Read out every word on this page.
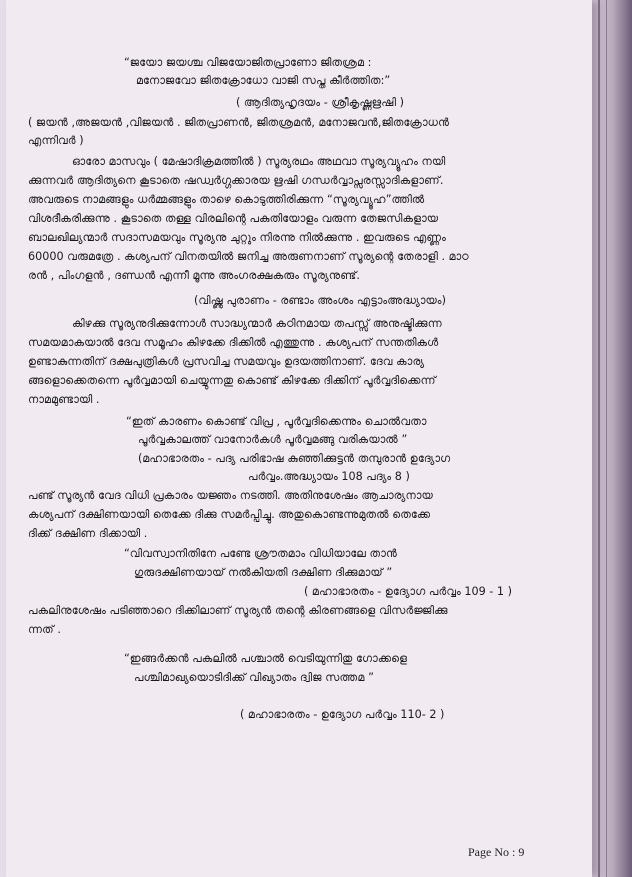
“ജയോ ജയശ്ച വിജയോജിതപ്രാണോ ജിതശ്രമ :
മനോജവോ ജിതക്രോധോ വാജി സപ്ത കീർത്തിത:”
( ആദിത്യഹൃദയം - ശ്രീകൃഷ്ണഋഷി )
( ജയൻ ,അജയൻ ,വിജയൻ . ജിതപ്രാണൻ, ജിതശ്രമൻ, മനോജവൻ,ജിതക്രോധൻ
എന്നിവർ )
ഓരോ മാസവും ( മേഷാദിക്രമത്തിൽ ) സൂര്യരഥം അഥവാ സൂര്യവ്യൂഹം നയി
ക്കുന്നവർ ആദിത്യനെ കൂടാതെ ഷഡ്വർഗ്ഗക്കാരയ ഋഷി ഗന്ധർവ്വാപ്സരസ്സാദികളാണ്.
അവരുടെ നാമങ്ങളും ധർമ്മങ്ങളും താഴെ കൊടുത്തിരിക്കുന്ന “സൂര്യവ്യൂഹ”ത്തിൽ
വിശദീകരിക്കുന്നു . കൂടാതെ തള്ള വിരലിന്റെ പകുതിയോളം വരുന്ന തേജസികളായ
ബാലഖില്യന്മാർ സദാസമയവും സൂര്യനു ചുറ്റും നിരന്നു നിൽക്കുന്നു . ഇവരുടെ എണ്ണം
60000 വരുമത്രേ . കശ്യപന് വിനതയിൽ ജനിച്ച അരുണനാണ് സൂര്യന്റെ തേരാളി . മാഠ
രൻ , പിംഗളൻ , ദണ്ഡൻ എന്നീ മൂന്നു അംഗരക്ഷകരും സൂര്യനുണ്ട്.
(വിഷ്ണു പുരാണം - രണ്ടാം അംശം എട്ടാംഅദ്ധ്യായം)
കിഴക്കു സൂര്യനുദിക്കുന്നോൾ സാദ്ധ്യന്മാർ കഠിനമായ തപസ്സ് അനുഷ്ടിക്കുന്ന
സമയമാകയാൽ ദേവ സമൂഹം കിഴക്കേ ദിക്കിൽ എത്തുന്നു . കശ്യപന് സന്തതികൾ
ഉണ്ടാകുന്നതിന് ദക്ഷപുത്രികൾ പ്രസവിച്ച സമയവും ഉദയത്തിനാണ്. ദേവ കാര്യ
ങ്ങളൊക്കെതന്നെ പൂർവ്വമായി ചെയ്യുന്നതു കൊണ്ട് കിഴക്കേ ദിക്കിന് പൂർവ്വദിക്കെന്ന്
നാമമുണ്ടായി .
“ഇത് കാരണം കൊണ്ട് വിപ്ര , പൂർവ്വദിക്കെന്നും ചൊൽവതാ
പൂർവ്വകാലത്ത് വാനോർകൾ പൂർവ്വമങ്ങു വരികയാൽ ”
(മഹാഭാരതം - പദ്യ പരിഭാഷ കുഞ്ഞിക്കുട്ടൻ തമ്പുരാൻ ഉദ്യോഗ
പർവ്വം.അദ്ധ്യായം 108 പദ്യം 8 )
പണ്ട് സൂര്യൻ വേദ വിധി പ്രകാരം യജ്ഞം നടത്തി. അതിനുശേഷം ആചാര്യനായ
കശ്യപന് ദക്ഷിണയായി തെക്കേ ദിക്കു സമർപ്പിച്ചു. അതുകൊണ്ടന്നുമുതൽ തെക്കേ
ദിക്ക് ദക്ഷിണ ദിക്കായി .
“വിവസ്വാനിതിനേ പണ്ടേ ശ്രൗതമാം വിധിയാലേ താൻ
ഗുരുദക്ഷിണയായ് നൽകിയതി ദക്ഷിണ ദിക്കുമായ് ”
( മഹാഭാരതം - ഉദ്യോഗ പർവ്വം 109 - 1 )
പകലിനുശേഷം പടിഞ്ഞാറെ ദിക്കിലാണ് സൂര്യൻ തന്റെ കിരണങ്ങളെ വിസർജ്ജിക്കു
ന്നത് .
“ഇങ്ങർക്കൻ പകലിൽ പശ്ചാൽ വെടിയുന്നിതു ഗോക്കളെ
പശ്ചിമാഖ്യയൊടിദിക്ക് വിഖ്യാതം ദ്വിജ സത്തമ ”
( മഹാഭാരതം - ഉദ്യോഗ പർവ്വം 110- 2 )
Page No : 9
